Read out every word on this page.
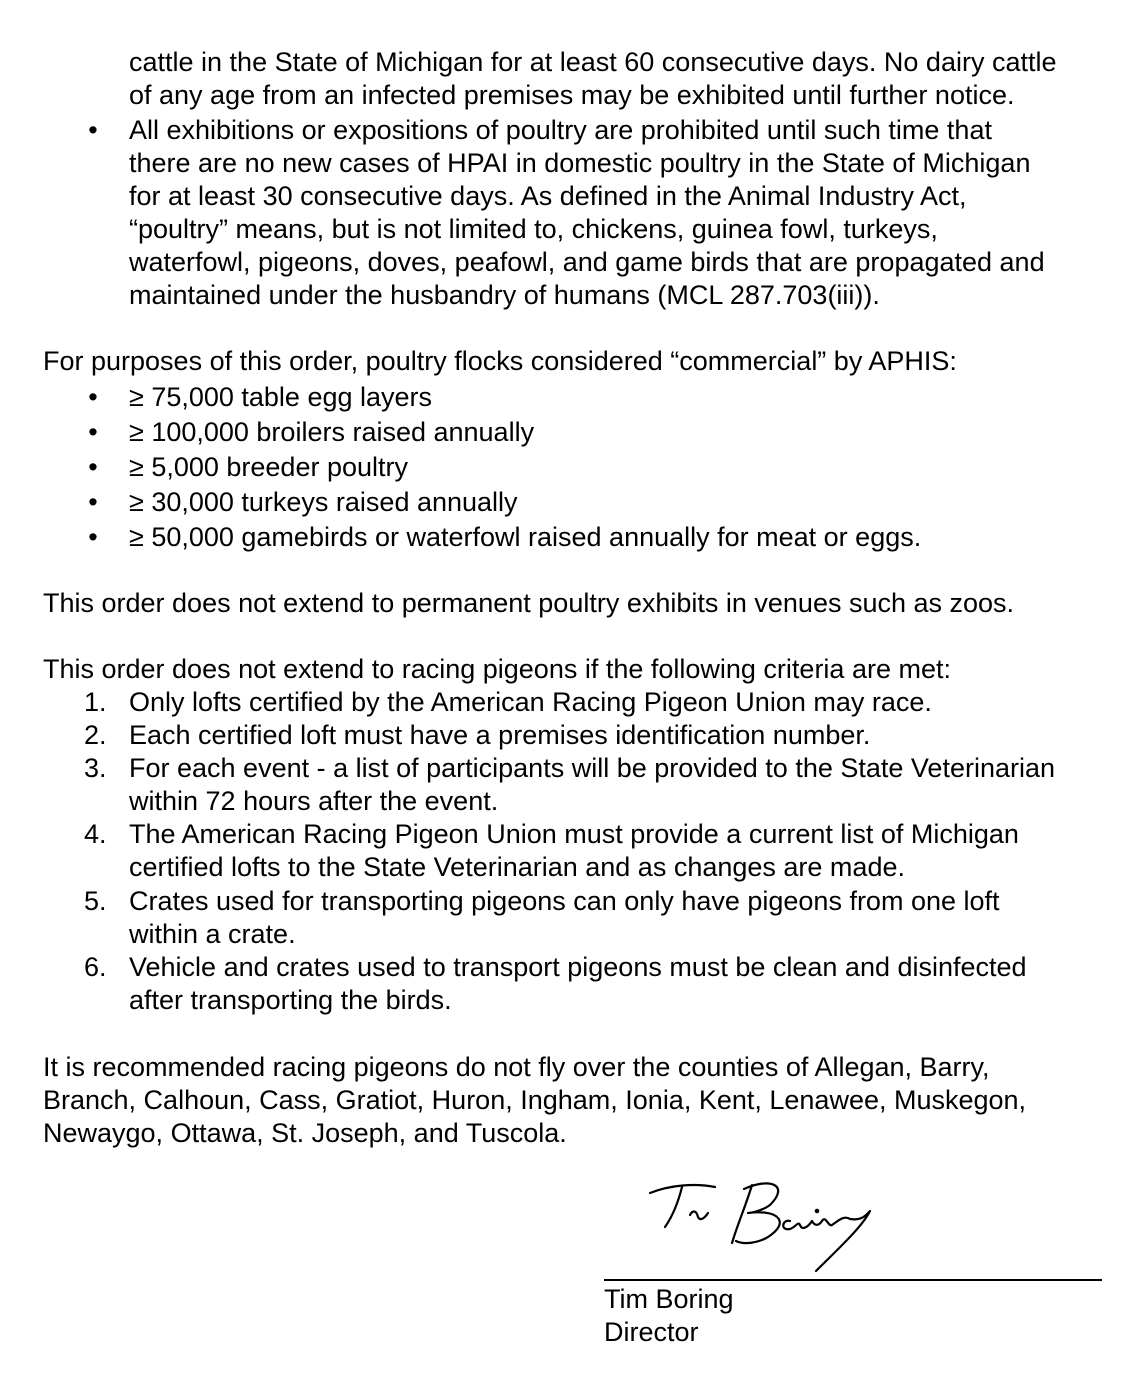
cattle in the State of Michigan for at least 60 consecutive days. No dairy cattle
of any age from an infected premises may be exhibited until further notice.
• All exhibitions or expositions of poultry are prohibited until such time that
there are no new cases of HPAI in domestic poultry in the State of Michigan
for at least 30 consecutive days. As defined in the Animal Industry Act,
“poultry” means, but is not limited to, chickens, guinea fowl, turkeys,
waterfowl, pigeons, doves, peafowl, and game birds that are propagated and
maintained under the husbandry of humans (MCL 287.703(iii)).
For purposes of this order, poultry flocks considered “commercial” by APHIS:
• ≥ 75,000 table egg layers
• ≥ 100,000 broilers raised annually
• ≥ 5,000 breeder poultry
• ≥ 30,000 turkeys raised annually
• ≥ 50,000 gamebirds or waterfowl raised annually for meat or eggs.
This order does not extend to permanent poultry exhibits in venues such as zoos.
This order does not extend to racing pigeons if the following criteria are met:
1. Only lofts certified by the American Racing Pigeon Union may race.
2. Each certified loft must have a premises identification number.
3. For each event - a list of participants will be provided to the State Veterinarian
within 72 hours after the event.
4. The American Racing Pigeon Union must provide a current list of Michigan
certified lofts to the State Veterinarian and as changes are made.
5. Crates used for transporting pigeons can only have pigeons from one loft
within a crate.
6. Vehicle and crates used to transport pigeons must be clean and disinfected
after transporting the birds.
It is recommended racing pigeons do not fly over the counties of Allegan, Barry,
Branch, Calhoun, Cass, Gratiot, Huron, Ingham, Ionia, Kent, Lenawee, Muskegon,
Newaygo, Ottawa, St. Joseph, and Tuscola.
Tim Boring
Director
